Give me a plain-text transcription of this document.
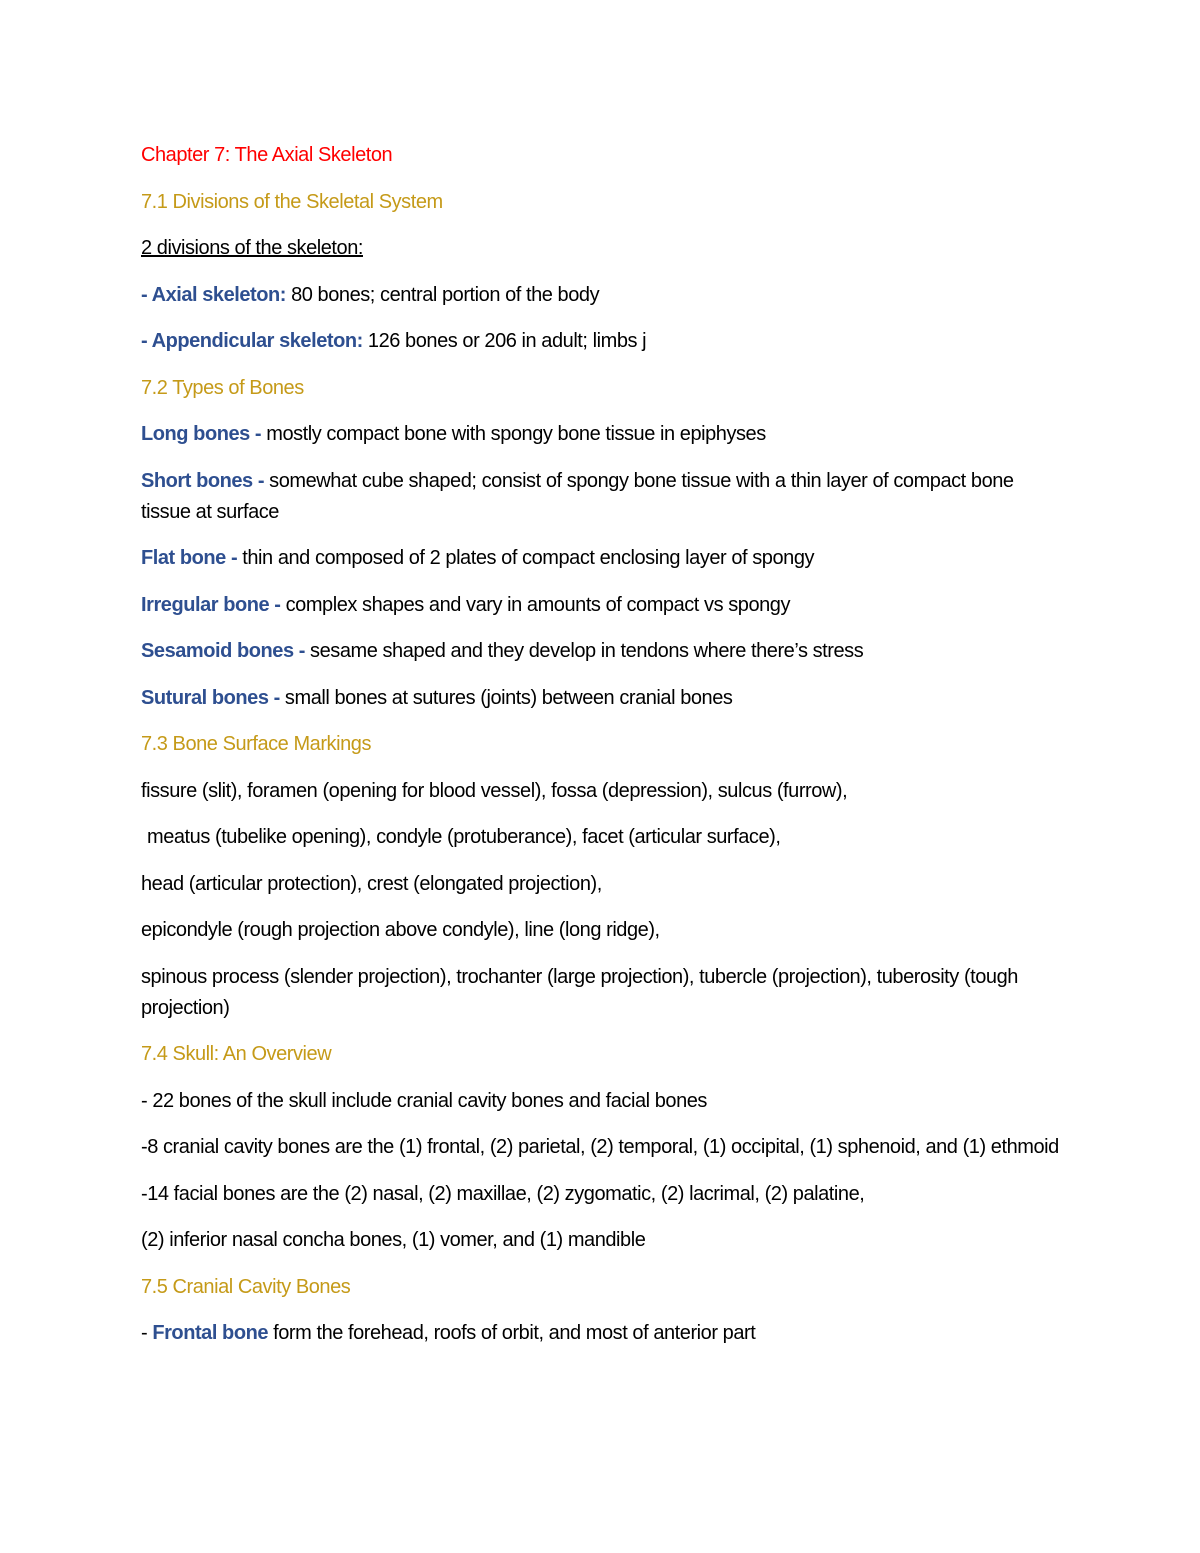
Chapter 7: The Axial Skeleton
7.1 Divisions of the Skeletal System
2 divisions of the skeleton:
- Axial skeleton: 80 bones; central portion of the body
- Appendicular skeleton: 126 bones or 206 in adult; limbs j
7.2 Types of Bones
Long bones - mostly compact bone with spongy bone tissue in epiphyses
Short bones - somewhat cube shaped; consist of spongy bone tissue with a thin layer of compact bone tissue at surface
Flat bone - thin and composed of 2 plates of compact enclosing layer of spongy
Irregular bone - complex shapes and vary in amounts of compact vs spongy
Sesamoid bones - sesame shaped and they develop in tendons where there’s stress
Sutural bones - small bones at sutures (joints) between cranial bones
7.3 Bone Surface Markings
fissure (slit), foramen (opening for blood vessel), fossa (depression), sulcus (furrow),
meatus (tubelike opening), condyle (protuberance), facet (articular surface),
head (articular protection), crest (elongated projection),
epicondyle (rough projection above condyle), line (long ridge),
spinous process (slender projection), trochanter (large projection), tubercle (projection), tuberosity (tough projection)
7.4 Skull: An Overview
- 22 bones of the skull include cranial cavity bones and facial bones
-8 cranial cavity bones are the (1) frontal, (2) parietal, (2) temporal, (1) occipital, (1) sphenoid, and (1) ethmoid
-14 facial bones are the (2) nasal, (2) maxillae, (2) zygomatic, (2) lacrimal, (2) palatine,
(2) inferior nasal concha bones, (1) vomer, and (1) mandible
7.5 Cranial Cavity Bones
- Frontal bone form the forehead, roofs of orbit, and most of anterior part
